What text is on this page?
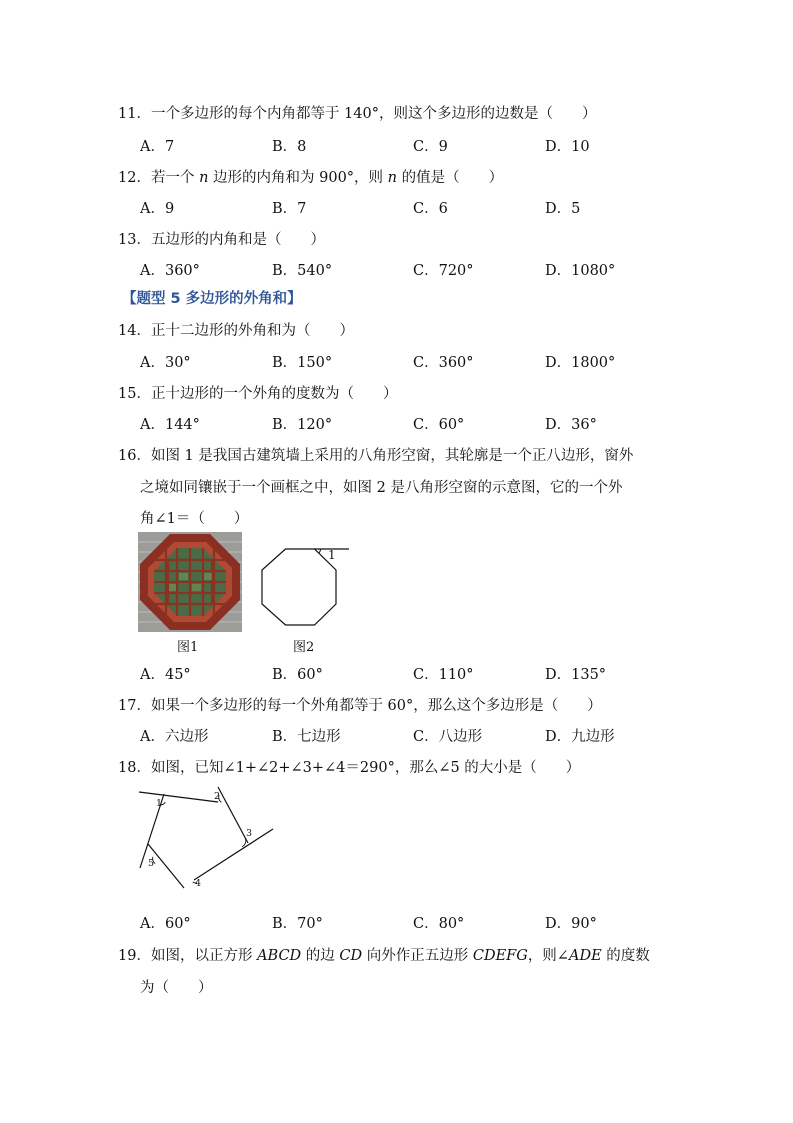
11．一个多边形的每个内角都等于 140°，则这个多边形的边数是（　　）
A．7	B．8	C．9	D．10
12．若一个 n 边形的内角和为 900°，则 n 的值是（　　）
A．9	B．7	C．6	D．5
13．五边形的内角和是（　　）
A．360°	B．540°	C．720°	D．1080°
【题型 5 多边形的外角和】
14．正十二边形的外角和为（　　）
A．30°	B．150°	C．360°	D．1800°
15．正十边形的一个外角的度数为（　　）
A．144°	B．120°	C．60°	D．36°
16．如图 1 是我国古建筑墙上采用的八角形空窗，其轮廓是一个正八边形，窗外
之境如同镶嵌于一个画框之中，如图 2 是八角形空窗的示意图，它的一个外
角∠1＝（　　）
图1
1
图2
A．45°	B．60°	C．110°	D．135°
17．如果一个多边形的每一个外角都等于 60°，那么这个多边形是（　　）
A．六边形	B．七边形	C．八边形	D．九边形
18．如图，已知∠1+∠2+∠3+∠4＝290°，那么∠5 的大小是（　　）
1
2
3
4
5
A．60°	B．70°	C．80°	D．90°
19．如图，以正方形 ABCD 的边 CD 向外作正五边形 CDEFG，则∠ADE 的度数
为（　　）
